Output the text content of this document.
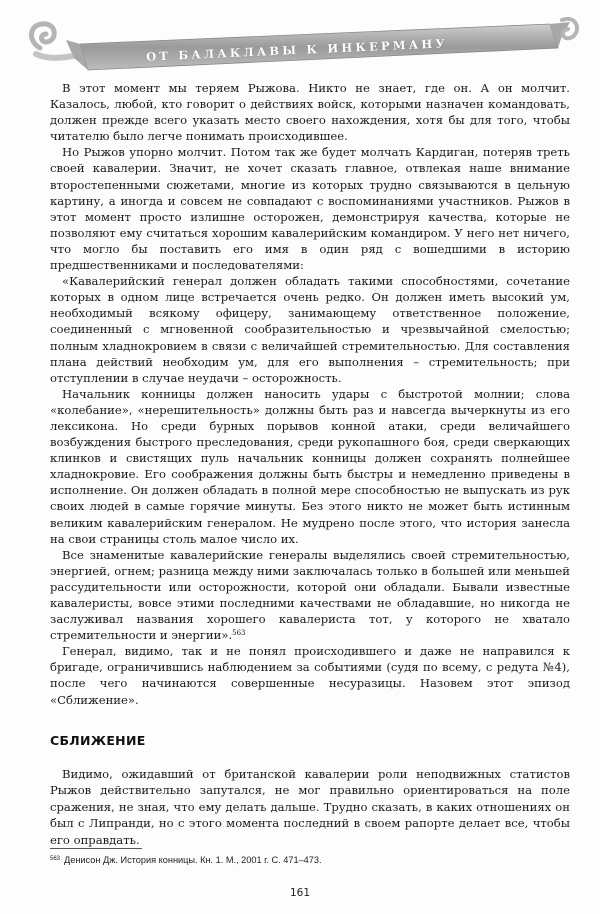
ОТ БАЛАКЛАВЫ К ИНКЕРМАНУ

В этот момент мы теряем Рыжова. Никто не знает, где он. А он молчит. Казалось, любой, кто говорит о действиях войск, которыми назначен командовать, должен прежде всего указать место своего нахождения, хотя бы для того, чтобы читателю было легче понимать происходившее.

Но Рыжов упорно молчит. Потом так же будет молчать Кардиган, потеряв треть своей кавалерии. Значит, не хочет сказать главное, отвлекая наше внимание второстепенными сюжетами, многие из которых трудно связываются в цельную картину, а иногда и совсем не совпадают с воспоминаниями участников. Рыжов в этот момент просто излишне осторожен, демонстрируя качества, которые не позволяют ему считаться хорошим кавалерийским командиром. У него нет ничего, что могло бы поставить его имя в один ряд с вошедшими в историю предшественниками и последователями:

«Кавалерийский генерал должен обладать такими способностями, сочетание которых в одном лице встречается очень редко. Он должен иметь высокий ум, необходимый всякому офицеру, занимающему ответственное положение, соединенный с мгновенной сообразительностью и чрезвычайной смелостью; полным хладнокровием в связи с величайшей стремительностью. Для составления плана действий необходим ум, для его выполнения – стремительность; при отступлении в случае неудачи – осторожность.

Начальник конницы должен наносить удары с быстротой молнии; слова «колебание», «нерешительность» должны быть раз и навсегда вычеркнуты из его лексикона. Но среди бурных порывов конной атаки, среди величайшего возбуждения быстрого преследования, среди рукопашного боя, среди сверкающих клинков и свистящих пуль начальник конницы должен сохранять полнейшее хладнокровие. Его соображения должны быть быстры и немедленно приведены в исполнение. Он должен обладать в полной мере способностью не выпускать из рук своих людей в самые горячие минуты. Без этого никто не может быть истинным великим кавалерийским генералом. Не мудрено после этого, что история занесла на свои страницы столь малое число их.

Все знаменитые кавалерийские генералы выделялись своей стремительностью, энергией, огнем; разница между ними заключалась только в большей или меньшей рассудительности или осторожности, которой они обладали. Бывали известные кавалеристы, вовсе этими последними качествами не обладавшие, но никогда не заслуживал названия хорошего кавалериста тот, у которого не хватало стремительности и энергии».$^{563}$

Генерал, видимо, так и не понял происходившего и даже не направился к бригаде, ограничившись наблюдением за событиями (судя по всему, с редута №4), после чего начинаются совершенные несуразицы. Назовем этот эпизод «Сближение».

СБЛИЖЕНИЕ

Видимо, ожидавший от британской кавалерии роли неподвижных статистов Рыжов действительно запутался, не мог правильно ориентироваться на поле сражения, не зная, что ему делать дальше. Трудно сказать, в каких отношениях он был с Липранди, но с этого момента последний в своем рапорте делает все, чтобы его оправдать.

$^{563}$ Денисон Дж. История конницы. Кн. 1. М., 2001 г. С. 471–473.
161
